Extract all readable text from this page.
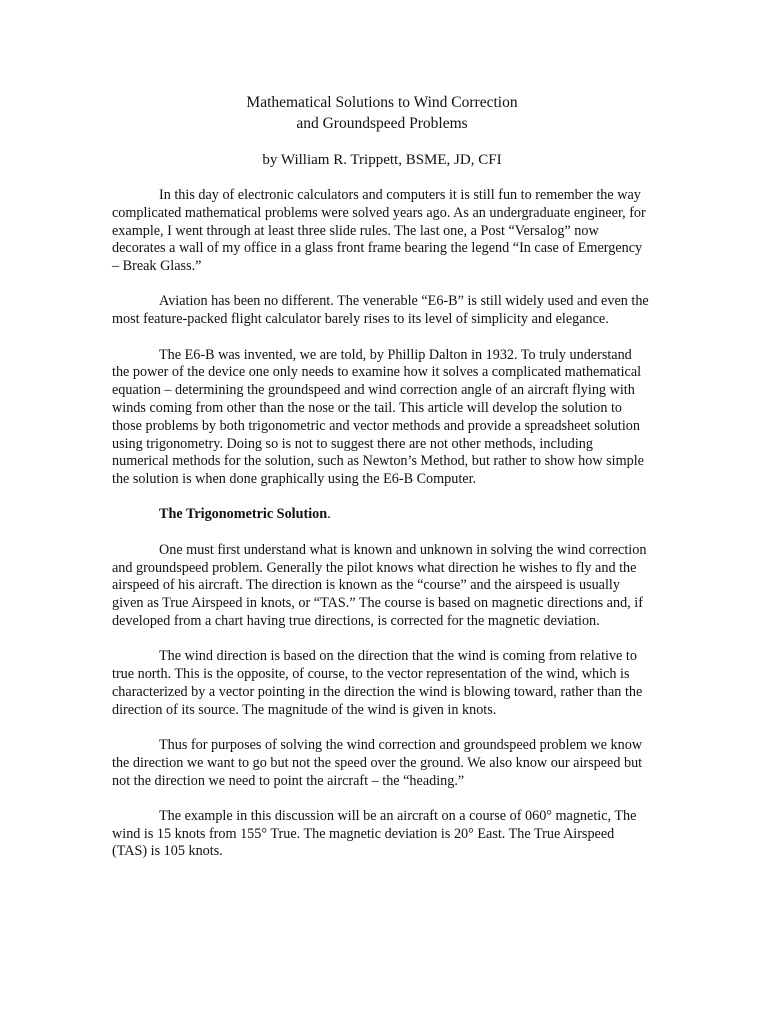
Mathematical Solutions to Wind Correction
and Groundspeed Problems

by William R. Trippett, BSME, JD, CFI

In this day of electronic calculators and computers it is still fun to remember the way complicated mathematical problems were solved years ago. As an undergraduate engineer, for example, I went through at least three slide rules. The last one, a Post “Versalog” now decorates a wall of my office in a glass front frame bearing the legend “In case of Emergency – Break Glass.”

Aviation has been no different. The venerable “E6-B” is still widely used and even the most feature-packed flight calculator barely rises to its level of simplicity and elegance.

The E6-B was invented, we are told, by Phillip Dalton in 1932. To truly understand the power of the device one only needs to examine how it solves a complicated mathematical equation – determining the groundspeed and wind correction angle of an aircraft flying with winds coming from other than the nose or the tail. This article will develop the solution to those problems by both trigonometric and vector methods and provide a spreadsheet solution using trigonometry. Doing so is not to suggest there are not other methods, including numerical methods for the solution, such as Newton’s Method, but rather to show how simple the solution is when done graphically using the E6-B Computer.

The Trigonometric Solution.

One must first understand what is known and unknown in solving the wind correction and groundspeed problem. Generally the pilot knows what direction he wishes to fly and the airspeed of his aircraft. The direction is known as the “course” and the airspeed is usually given as True Airspeed in knots, or “TAS.” The course is based on magnetic directions and, if developed from a chart having true directions, is corrected for the magnetic deviation.

The wind direction is based on the direction that the wind is coming from relative to true north. This is the opposite, of course, to the vector representation of the wind, which is characterized by a vector pointing in the direction the wind is blowing toward, rather than the direction of its source. The magnitude of the wind is given in knots.

Thus for purposes of solving the wind correction and groundspeed problem we know the direction we want to go but not the speed over the ground. We also know our airspeed but not the direction we need to point the aircraft – the “heading.”

The example in this discussion will be an aircraft on a course of 060° magnetic, The wind is 15 knots from 155° True. The magnetic deviation is 20° East. The True Airspeed (TAS) is 105 knots.
